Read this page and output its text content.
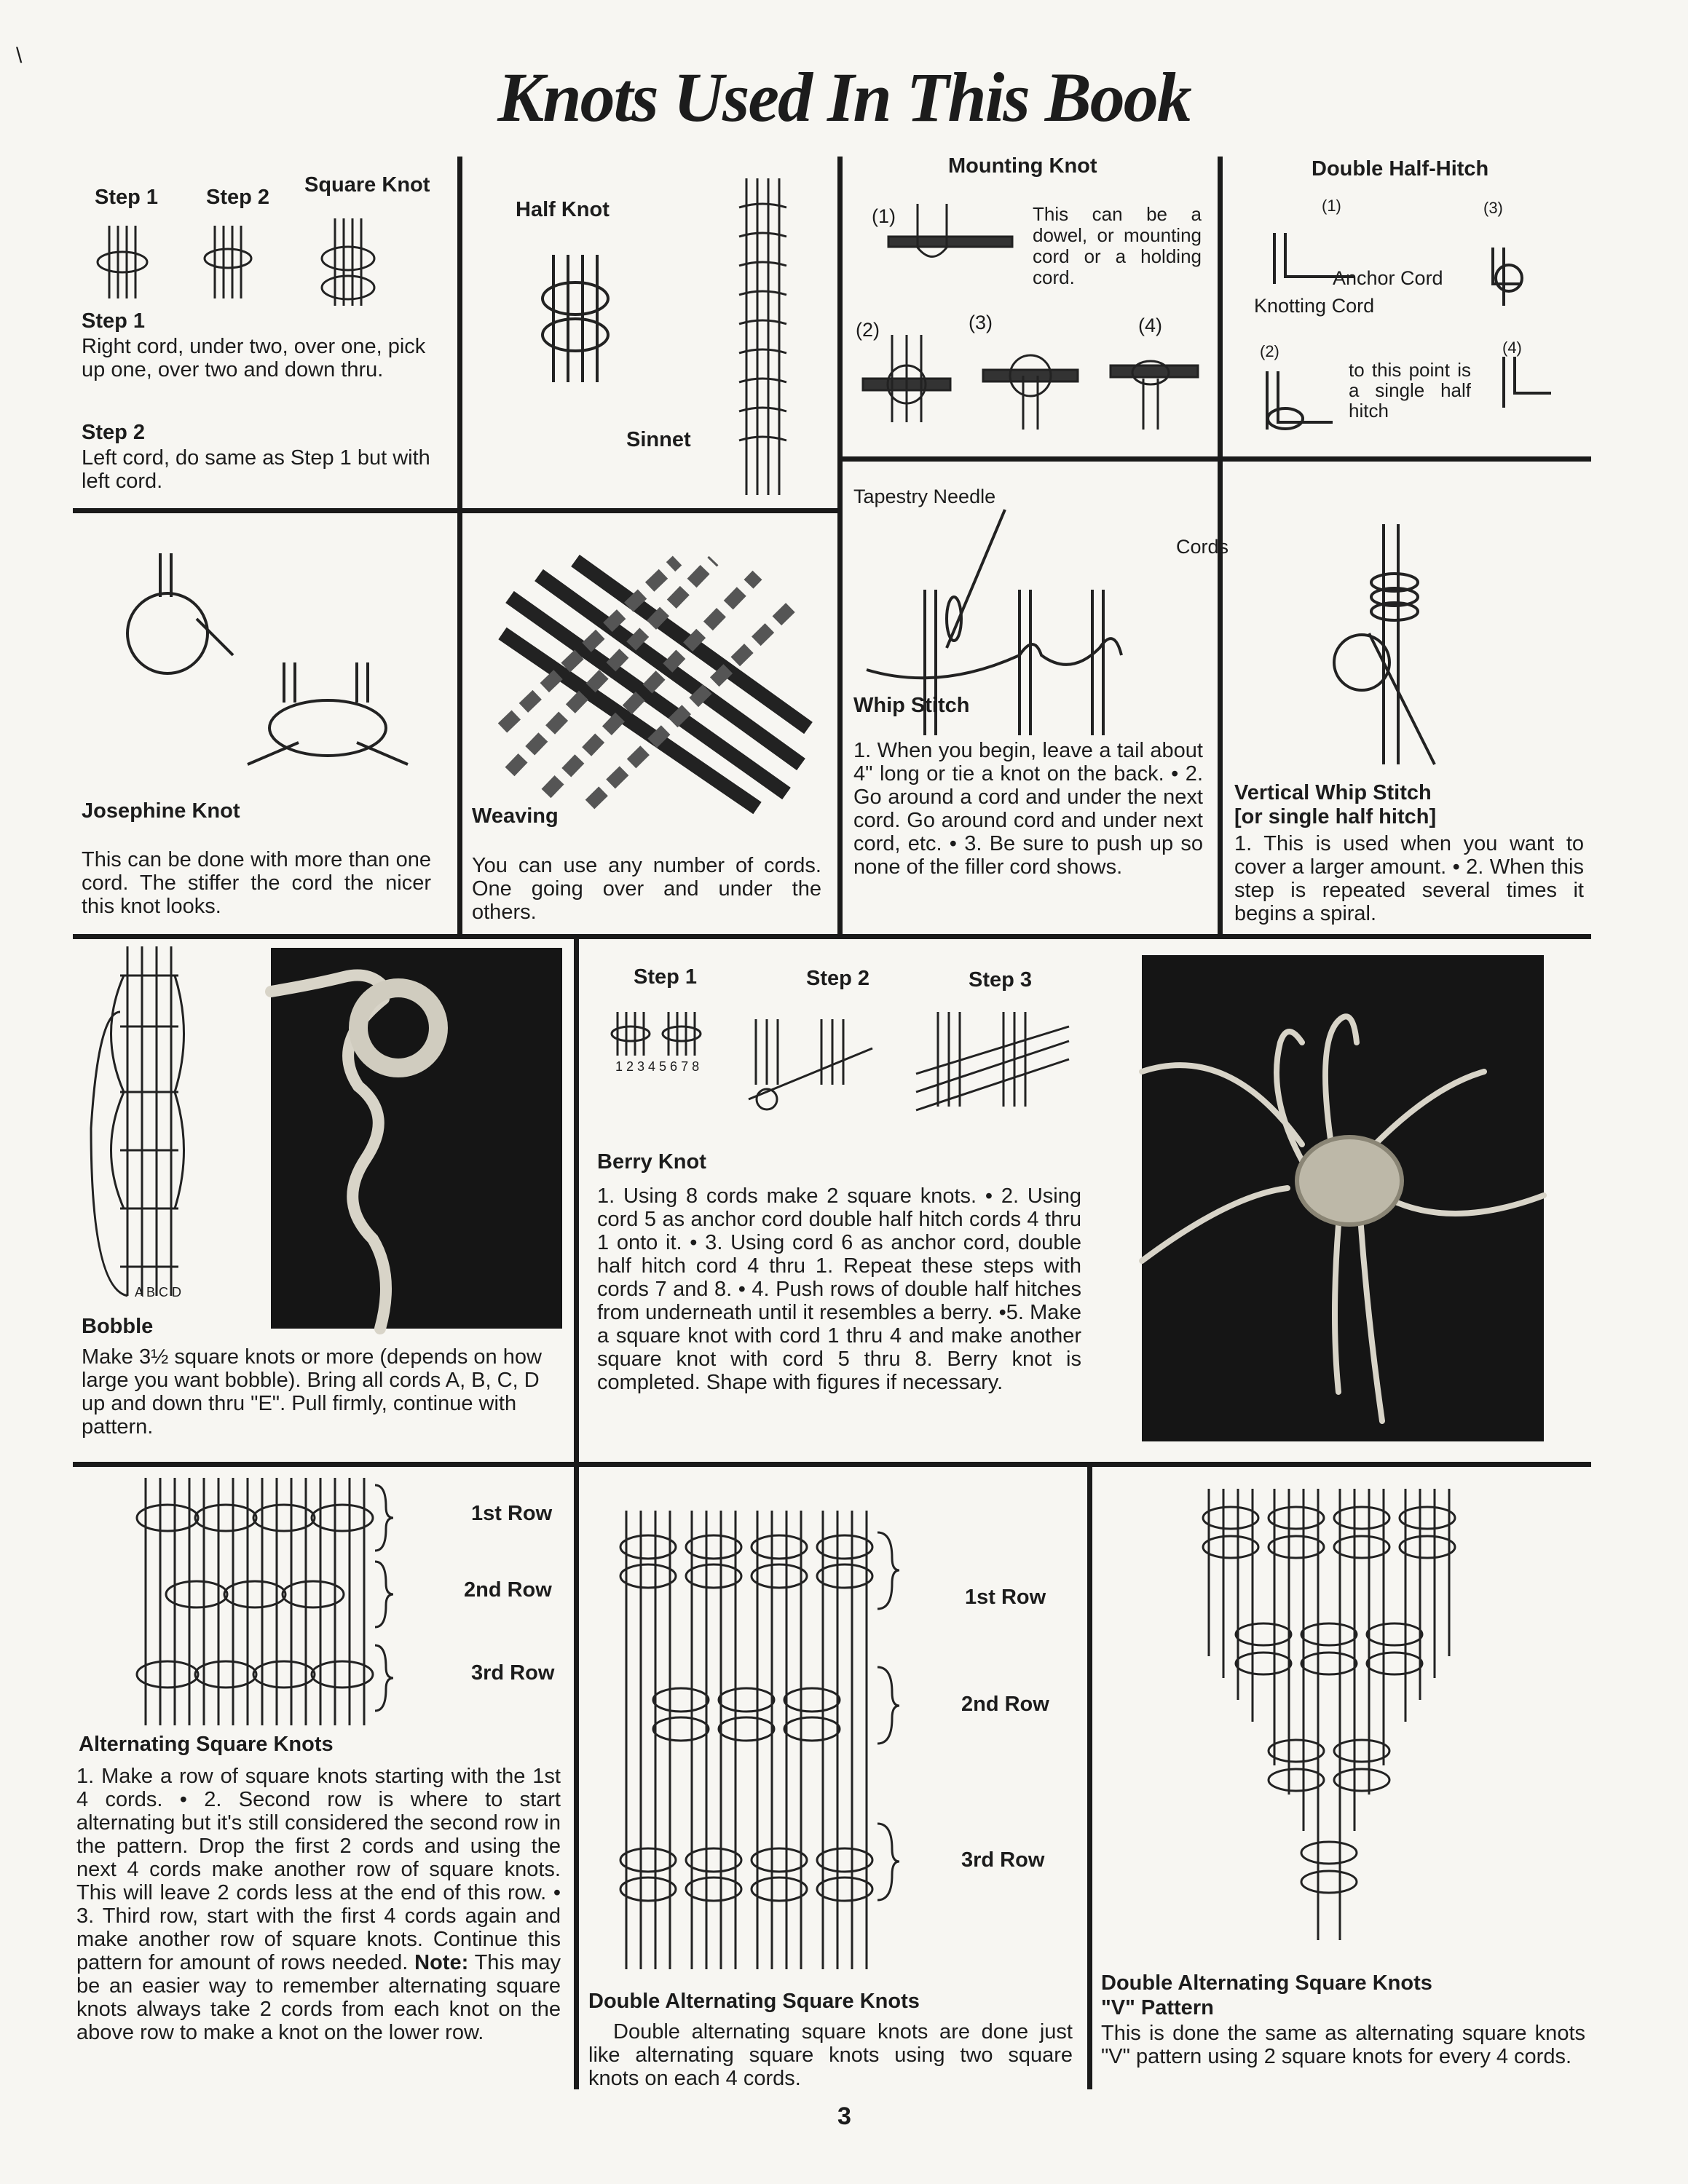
Knots Used In This Book
\
Step 1 Step 2
Square Knot
Step 1

Right cord, under two, over one, pick up one, over two and down thru.

Step 2

Left cord, do same as Step 1 but with left cord.

Half Knot
Sinnet
Mounting Knot
(1)
(2)	(3)	(4)

This can be a dowel, or mounting cord or a holding cord.

Double Half-Hitch
(1)	(3)
(2)	(4)
Anchor Cord
Knotting Cord

to this point is a single half hitch

Josephine Knot

This can be done with more than one cord. The stiffer the cord the nicer this knot looks.

Weaving

You can use any number of cords. One going over and under the others.

Tapestry Needle
Cords
Whip Stitch

1. When you begin, leave a tail about 4" long or tie a knot on the back. • 2. Go around a cord and under the next cord. Go around cord and under next cord, etc. • 3. Be sure to push up so none of the filler cord shows.

Vertical Whip Stitch
[or single half hitch]

1. This is used when you want to cover a larger amount. • 2. When this step is repeated several times it begins a spiral.

A B C D
Bobble

Make 3½ square knots or more (depends on how large you want bobble). Bring all cords A, B, C, D up and down thru "E". Pull firmly, continue with pattern.

Step 1	Step 2	Step 3
1 2 3 4 5 6 7 8
Berry Knot

1. Using 8 cords make 2 square knots. • 2. Using cord 5 as anchor cord double half hitch cords 4 thru 1 onto it. • 3. Using cord 6 as anchor cord, double half hitch cord 4 thru 1. Repeat these steps with cords 7 and 8. • 4. Push rows of double half hitches from underneath until it resembles a berry. •5. Make a square knot with cord 1 thru 4 and make another square knot with cord 5 thru 8. Berry knot is completed. Shape with figures if necessary.

1st Row
2nd Row
3rd Row
Alternating Square Knots

1. Make a row of square knots starting with the 1st 4 cords. • 2. Second row is where to start alternating but it's still considered the second row in the pattern. Drop the first 2 cords and using the next 4 cords make another row of square knots. This will leave 2 cords less at the end of this row. • 3. Third row, start with the first 4 cords again and make another row of square knots. Continue this pattern for amount of rows needed. Note: This may be an easier way to remember alternating square knots always take 2 cords from each knot on the above row to make a knot on the lower row.

1st Row
2nd Row
3rd Row
Double Alternating Square Knots

Double alternating square knots are done just like alternating square knots using two square knots on each 4 cords.

Double Alternating Square Knots
"V" Pattern

This is done the same as alternating square knots "V" pattern using 2 square knots for every 4 cords.

3
